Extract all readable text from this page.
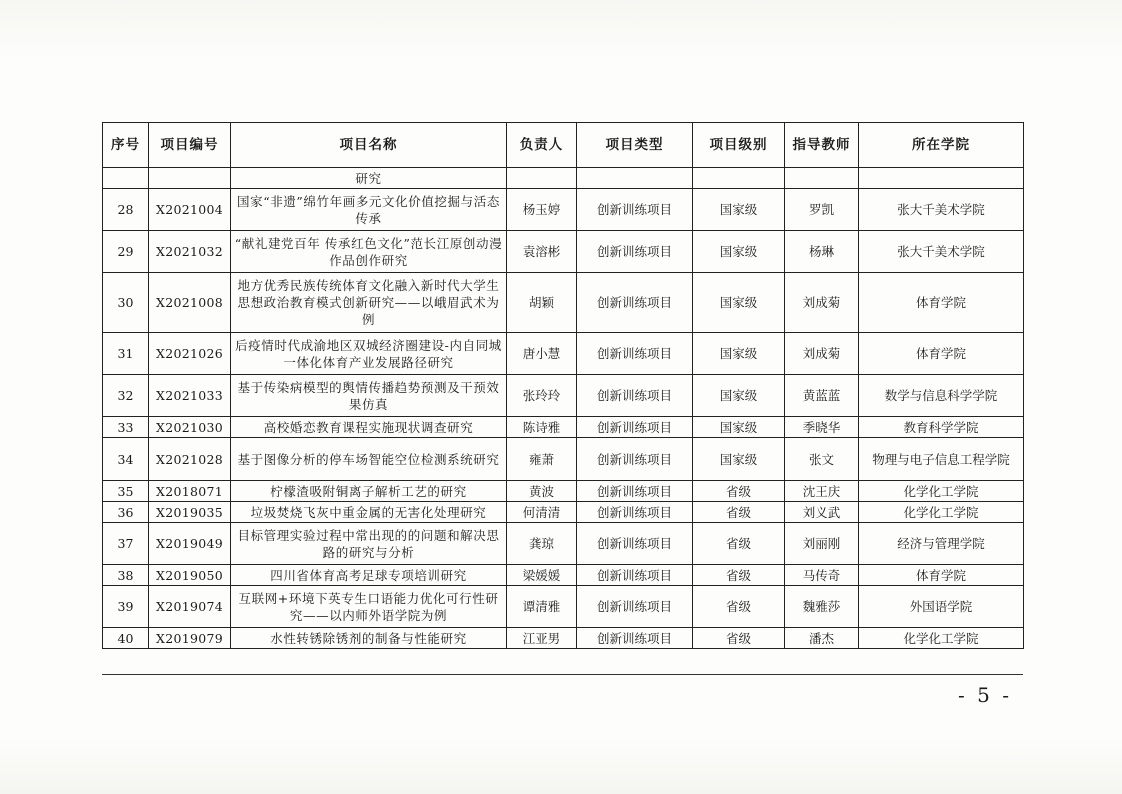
序号	项目编号	项目名称	负责人	项目类型	项目级别	指导教师	所在学院
		研究					
28	X2021004	国家“非遗”绵竹年画多元文化价值挖掘与活态传承	杨玉婷	创新训练项目	国家级	罗凯	张大千美术学院
29	X2021032	“献礼建党百年 传承红色文化”范长江原创动漫作品创作研究	袁溶彬	创新训练项目	国家级	杨琳	张大千美术学院
30	X2021008	地方优秀民族传统体育文化融入新时代大学生 思想政治教育模式创新研究——以峨眉武术为例	胡颖	创新训练项目	国家级	刘成菊	体育学院
31	X2021026	后疫情时代成渝地区双城经济圈建设-内自同城一体化体育产业发展路径研究	唐小慧	创新训练项目	国家级	刘成菊	体育学院
32	X2021033	基于传染病模型的舆情传播趋势预测及干预效果仿真	张玲玲	创新训练项目	国家级	黄蓝蓝	数学与信息科学学院
33	X2021030	高校婚恋教育课程实施现状调查研究	陈诗雅	创新训练项目	国家级	季晓华	教育科学学院
34	X2021028	基于图像分析的停车场智能空位检测系统研究	雍萧	创新训练项目	国家级	张文	物理与电子信息工程学院
35	X2018071	柠檬渣吸附铜离子解析工艺的研究	黄波	创新训练项目	省级	沈王庆	化学化工学院
36	X2019035	垃圾焚烧飞灰中重金属的无害化处理研究	何清清	创新训练项目	省级	刘义武	化学化工学院
37	X2019049	目标管理实验过程中常出现的的问题和解决思路的研究与分析	龚琼	创新训练项目	省级	刘丽刚	经济与管理学院
38	X2019050	四川省体育高考足球专项培训研究	梁媛媛	创新训练项目	省级	马传奇	体育学院
39	X2019074	互联网+环境下英专生口语能力优化可行性研究——以内师外语学院为例	谭清雅	创新训练项目	省级	魏雅莎	外国语学院
40	X2019079	水性转锈除锈剂的制备与性能研究	江亚男	创新训练项目	省级	潘杰	化学化工学院
- 5 -
